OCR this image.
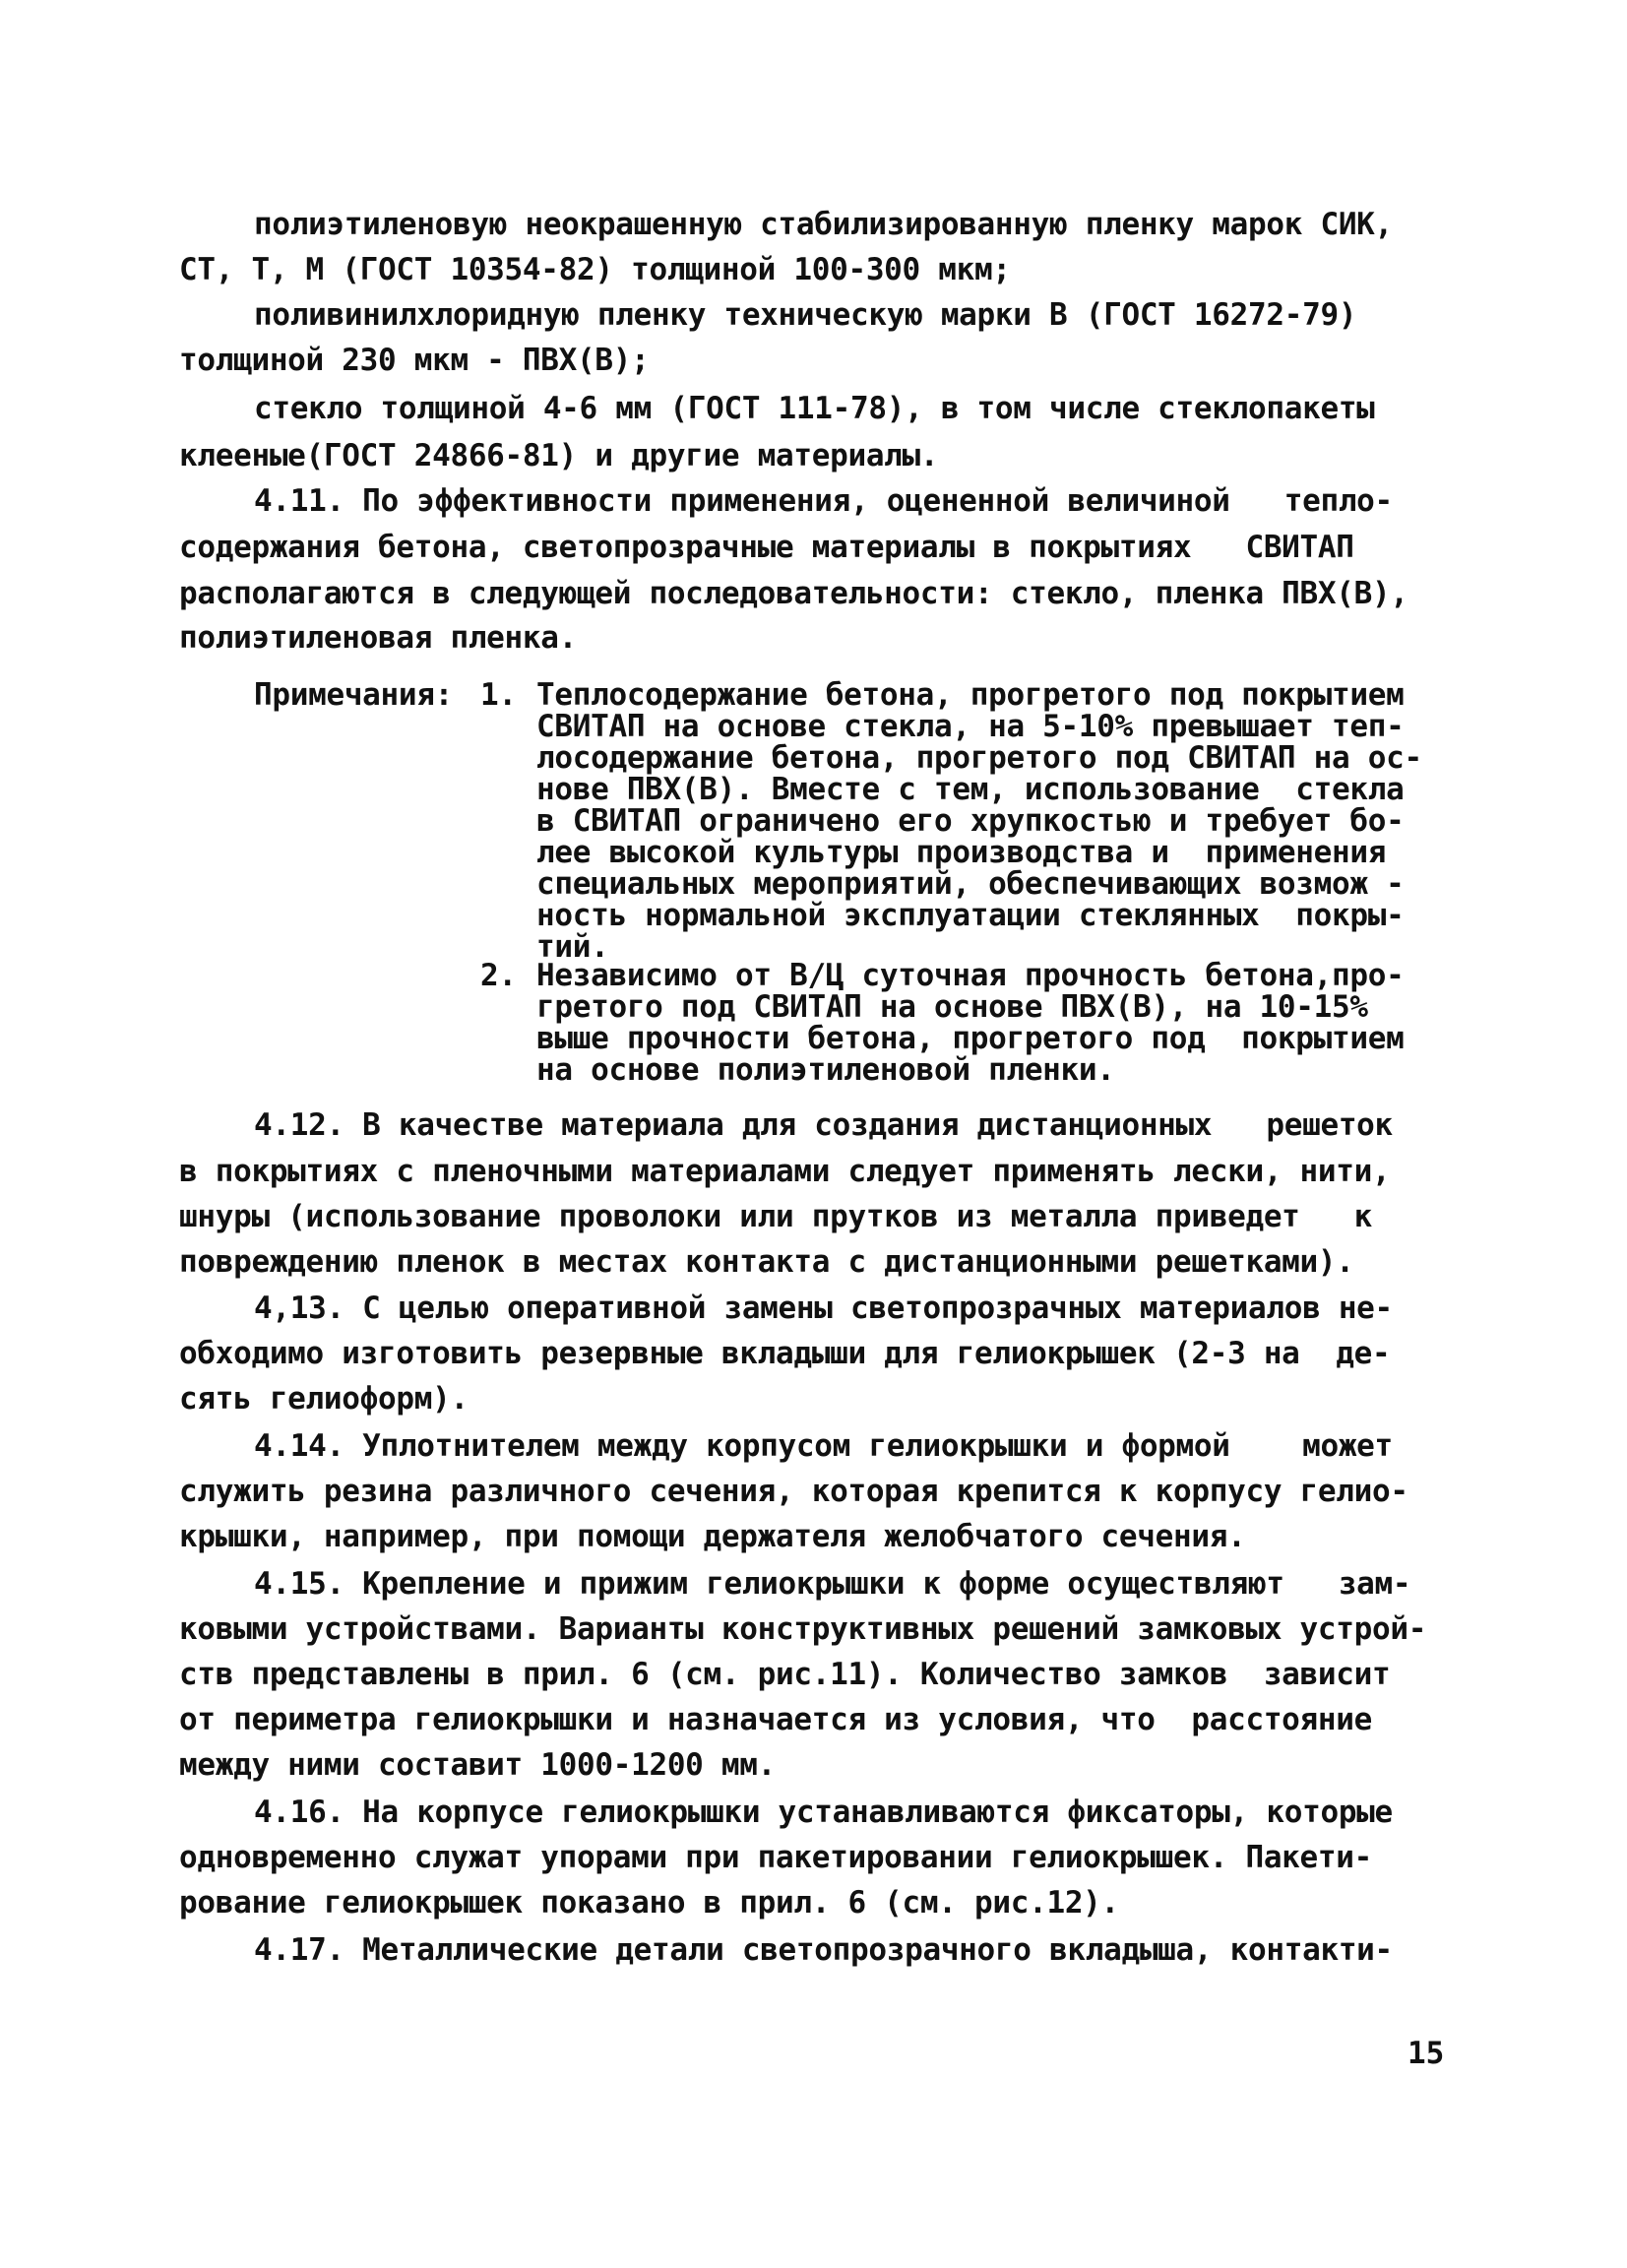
полиэтиленовую неокрашенную стабилизированную пленку марок СИК,
СТ, Т, М (ГОСТ 10354-82) толщиной 100-300 мкм;
поливинилхлоридную пленку техническую марки В (ГОСТ 16272-79)
толщиной 230 мкм - ПВХ(В);
стекло толщиной 4-6 мм (ГОСТ 111-78), в том числе стеклопакеты
клееные(ГОСТ 24866-81) и другие материалы.
4.11. По эффективности применения, оцененной величиной   тепло-
содержания бетона, светопрозрачные материалы в покрытиях   СВИТАП
располагаются в следующей последовательности: стекло, пленка ПВХ(В),
полиэтиленовая пленка.
Примечания: 1. Теплосодержание бетона, прогретого под покрытием
СВИТАП на основе стекла, на 5-10% превышает теп-
лосодержание бетона, прогретого под СВИТАП на ос-
нове ПВХ(В). Вместе с тем, использование  стекла
в СВИТАП ограничено его хрупкостью и требует бо-
лее высокой культуры производства и  применения
специальных мероприятий, обеспечивающих возмож -
ность нормальной эксплуатации стеклянных  покры-
тий.
2. Независимо от В/Ц суточная прочность бетона,про-
гретого под СВИТАП на основе ПВХ(В), на 10-15%
выше прочности бетона, прогретого под  покрытием
на основе полиэтиленовой пленки.
4.12. В качестве материала для создания дистанционных   решеток
в покрытиях с пленочными материалами следует применять лески, нити,
шнуры (использование проволоки или прутков из металла приведет   к
повреждению пленок в местах контакта с дистанционными решетками).
4,13. С целью оперативной замены светопрозрачных материалов не-
обходимо изготовить резервные вкладыши для гелиокрышек (2-3 на  де-
сять гелиоформ).
4.14. Уплотнителем между корпусом гелиокрышки и формой    может
служить резина различного сечения, которая крепится к корпусу гелио-
крышки, например, при помощи держателя желобчатого сечения.
4.15. Крепление и прижим гелиокрышки к форме осуществляют   зам-
ковыми устройствами. Варианты конструктивных решений замковых устрой-
ств представлены в прил. 6 (см. рис.11). Количество замков  зависит
от периметра гелиокрышки и назначается из условия, что  расстояние
между ними составит 1000-1200 мм.
4.16. На корпусе гелиокрышки устанавливаются фиксаторы, которые
одновременно служат упорами при пакетировании гелиокрышек. Пакети-
рование гелиокрышек показано в прил. 6 (см. рис.12).
4.17. Металлические детали светопрозрачного вкладыша, контакти-
15
